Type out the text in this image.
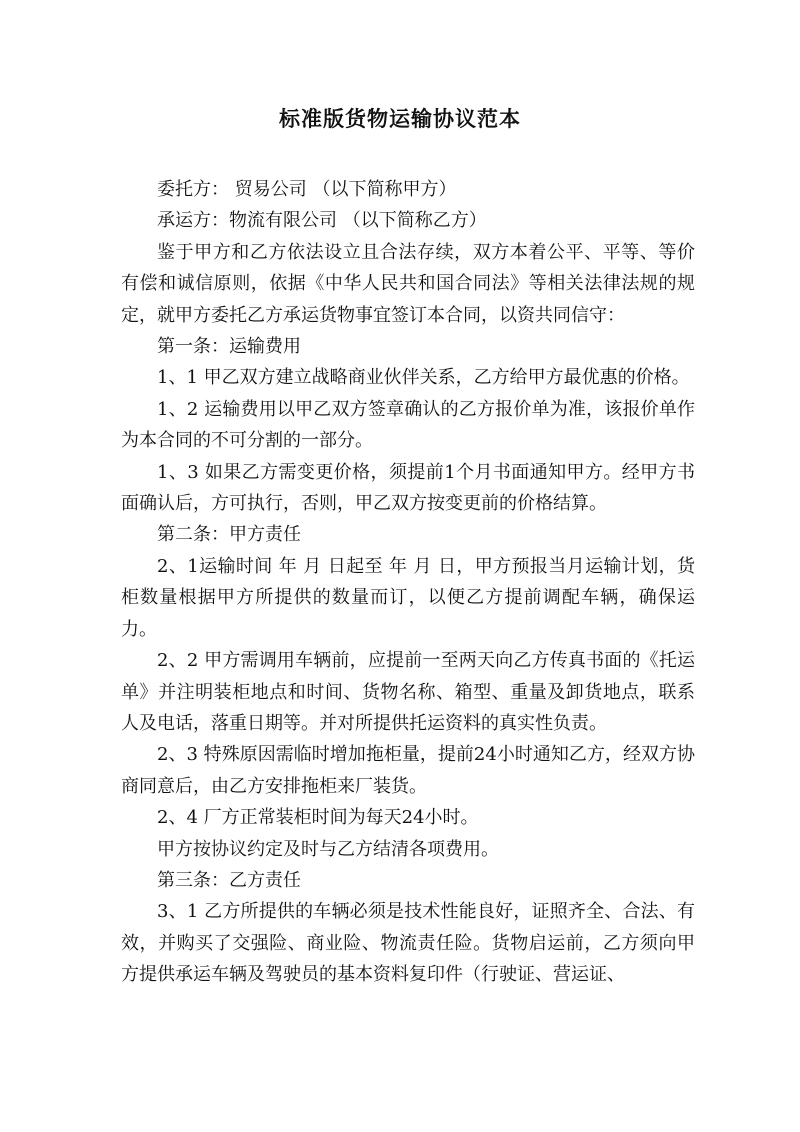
标准版货物运输协议范本

委托方： 贸易公司 （以下简称甲方）

承运方：物流有限公司 （以下简称乙方）

鉴于甲方和乙方依法设立且合法存续，双方本着公平、平等、等价有偿和诚信原则，依据《中华人民共和国合同法》等相关法律法规的规定，就甲方委托乙方承运货物事宜签订本合同，以资共同信守：

第一条：运输费用

1、1 甲乙双方建立战略商业伙伴关系，乙方给甲方最优惠的价格。

1、2 运输费用以甲乙双方签章确认的乙方报价单为准，该报价单作为本合同的不可分割的一部分。

1、3 如果乙方需变更价格，须提前1个月书面通知甲方。经甲方书面确认后，方可执行，否则，甲乙双方按变更前的价格结算。

第二条：甲方责任

2、1运输时间 年 月 日起至 年 月 日，甲方预报当月运输计划，货柜数量根据甲方所提供的数量而订，以便乙方提前调配车辆，确保运力。

2、2 甲方需调用车辆前，应提前一至两天向乙方传真书面的《托运单》并注明装柜地点和时间、货物名称、箱型、重量及卸货地点，联系人及电话，落重日期等。并对所提供托运资料的真实性负责。

2、3 特殊原因需临时增加拖柜量，提前24小时通知乙方，经双方协商同意后，由乙方安排拖柜来厂装货。

2、4 厂方正常装柜时间为每天24小时。

甲方按协议约定及时与乙方结清各项费用。

第三条：乙方责任

3、1 乙方所提供的车辆必须是技术性能良好，证照齐全、合法、有效，并购买了交强险、商业险、物流责任险。货物启运前，乙方须向甲方提供承运车辆及驾驶员的基本资料复印件（行驶证、营运证、
